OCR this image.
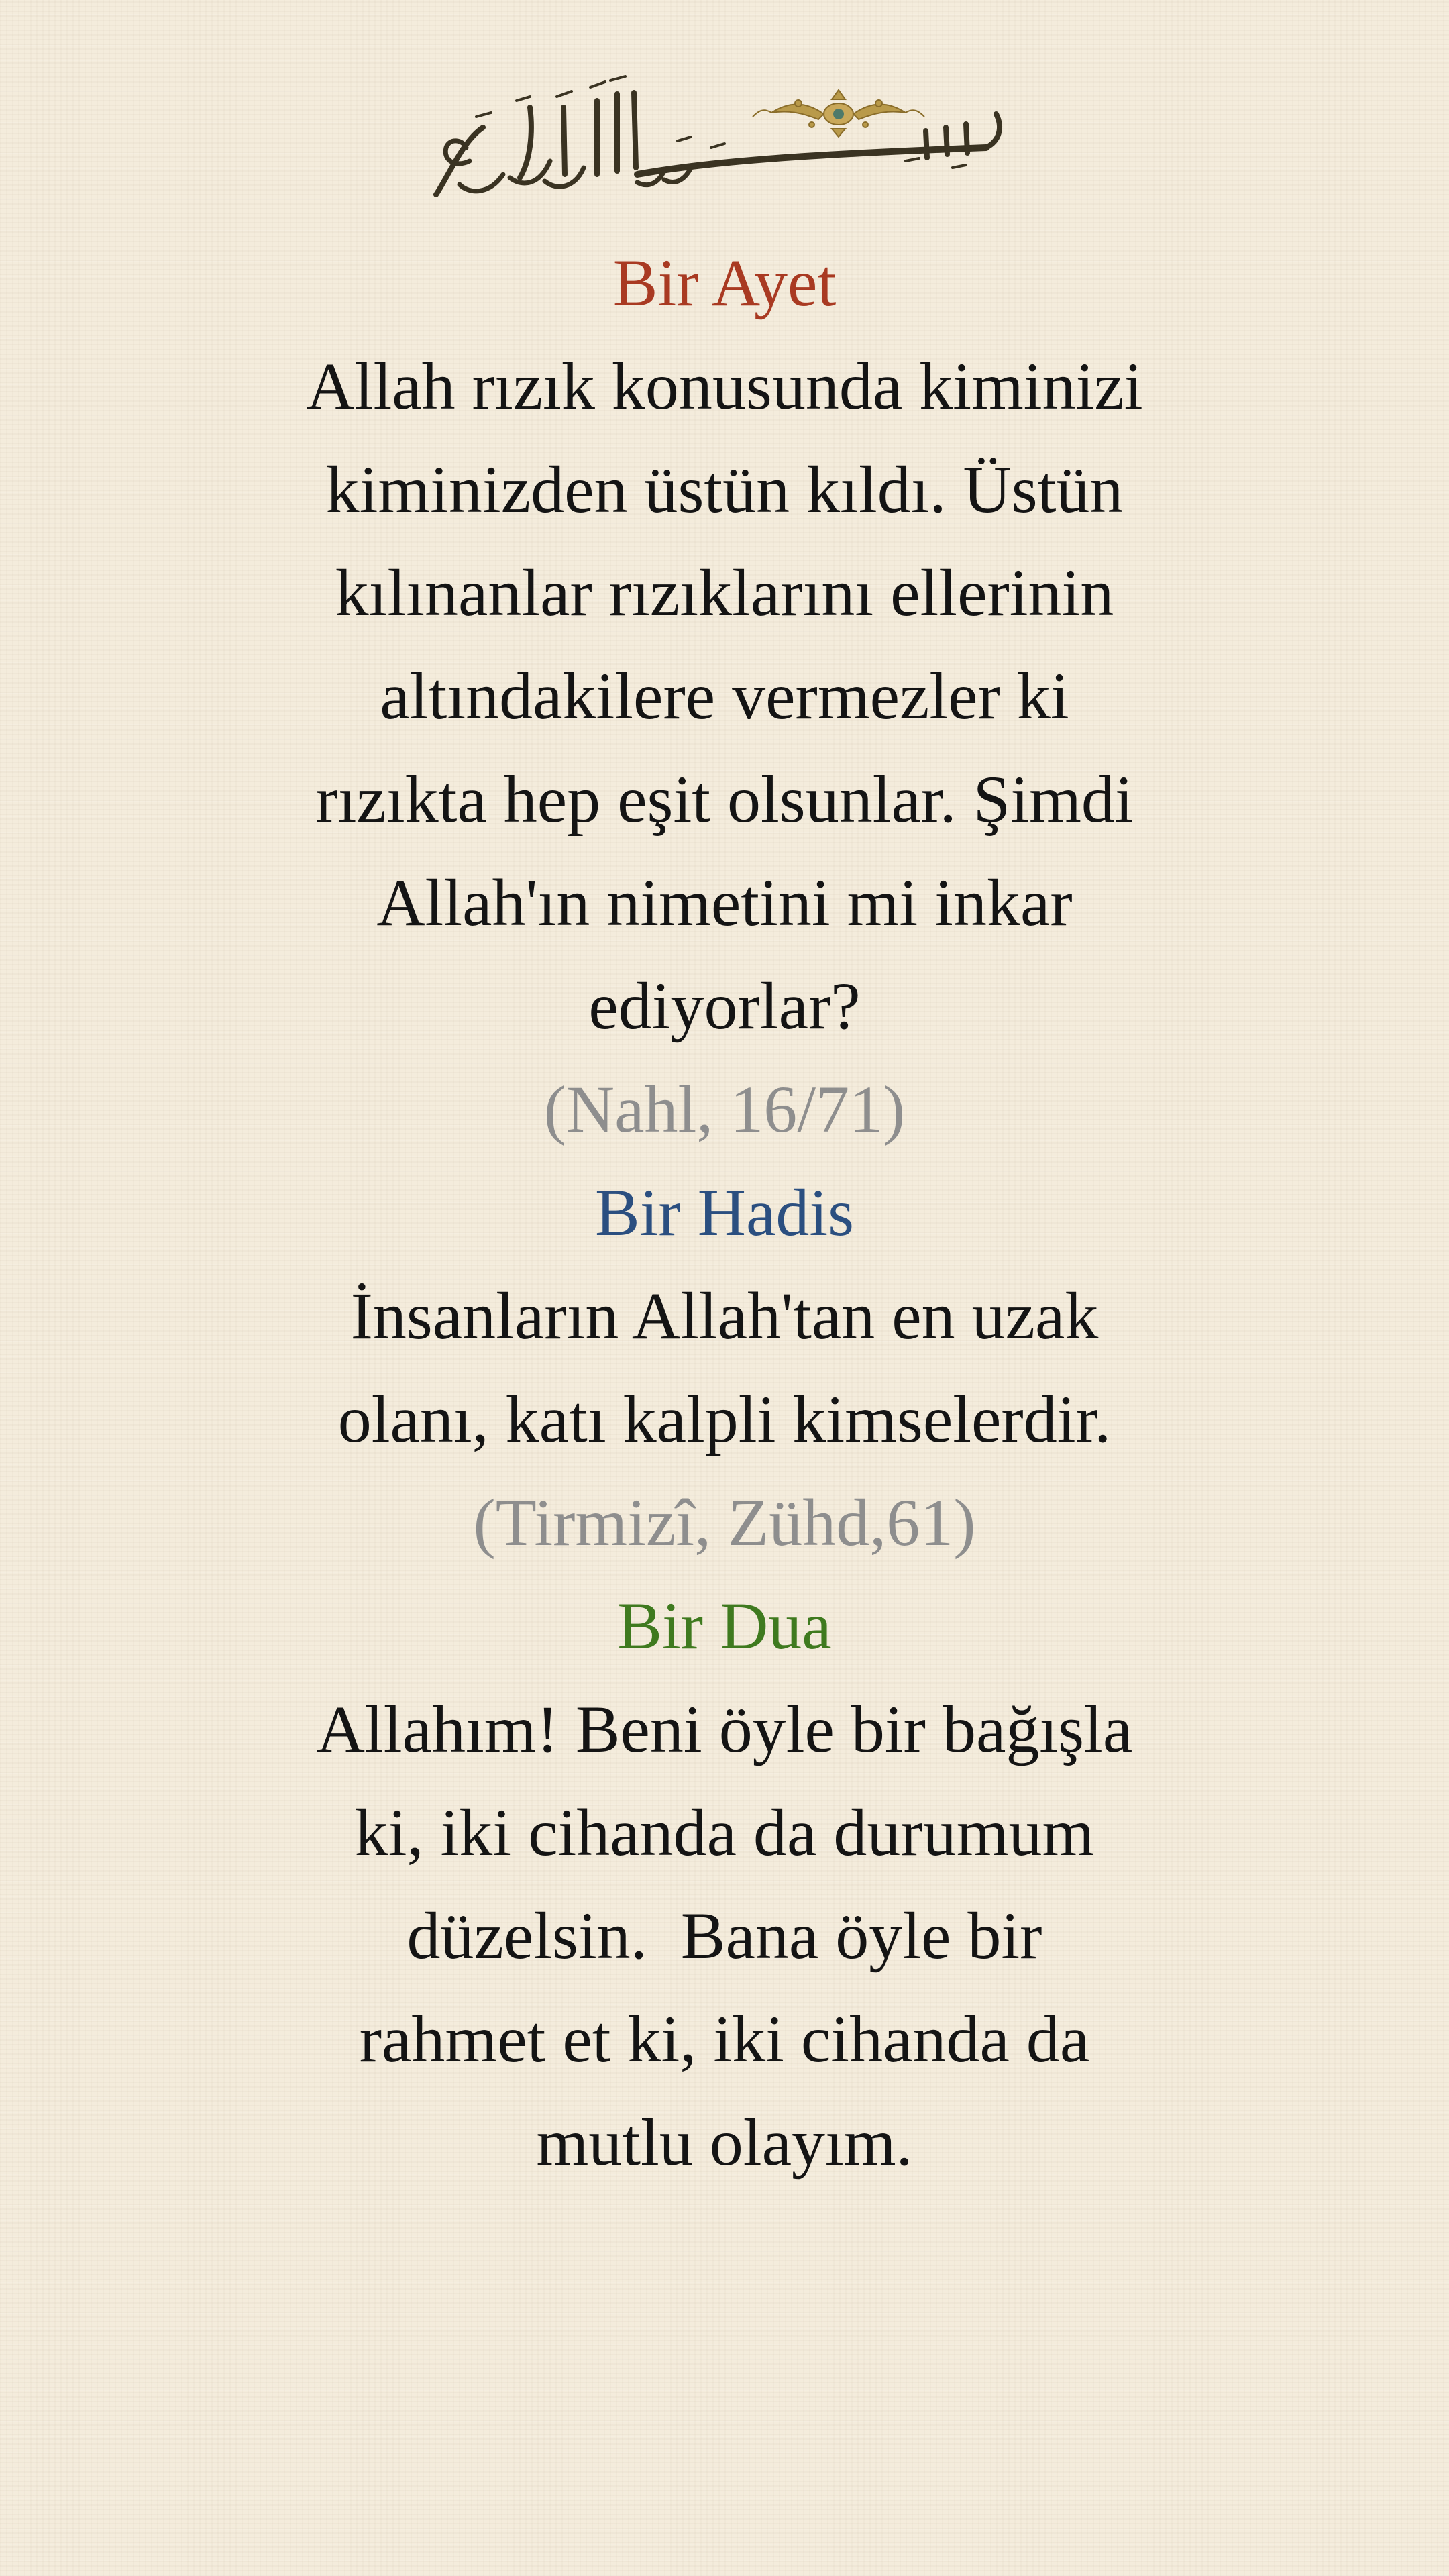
Bir Ayet

Allah rızık konusunda kiminizi
kiminizden üstün kıldı. Üstün
kılınanlar rızıklarını ellerinin
altındakilere vermezler ki
rızıkta hep eşit olsunlar. Şimdi
Allah'ın nimetini mi inkar
ediyorlar?

(Nahl, 16/71)

Bir Hadis

İnsanların Allah'tan en uzak
olanı, katı kalpli kimselerdir.

(Tirmizî, Zühd,61)

Bir Dua

Allahım! Beni öyle bir bağışla
ki, iki cihanda da durumum
düzelsin.  Bana öyle bir
rahmet et ki, iki cihanda da
mutlu olayım.
